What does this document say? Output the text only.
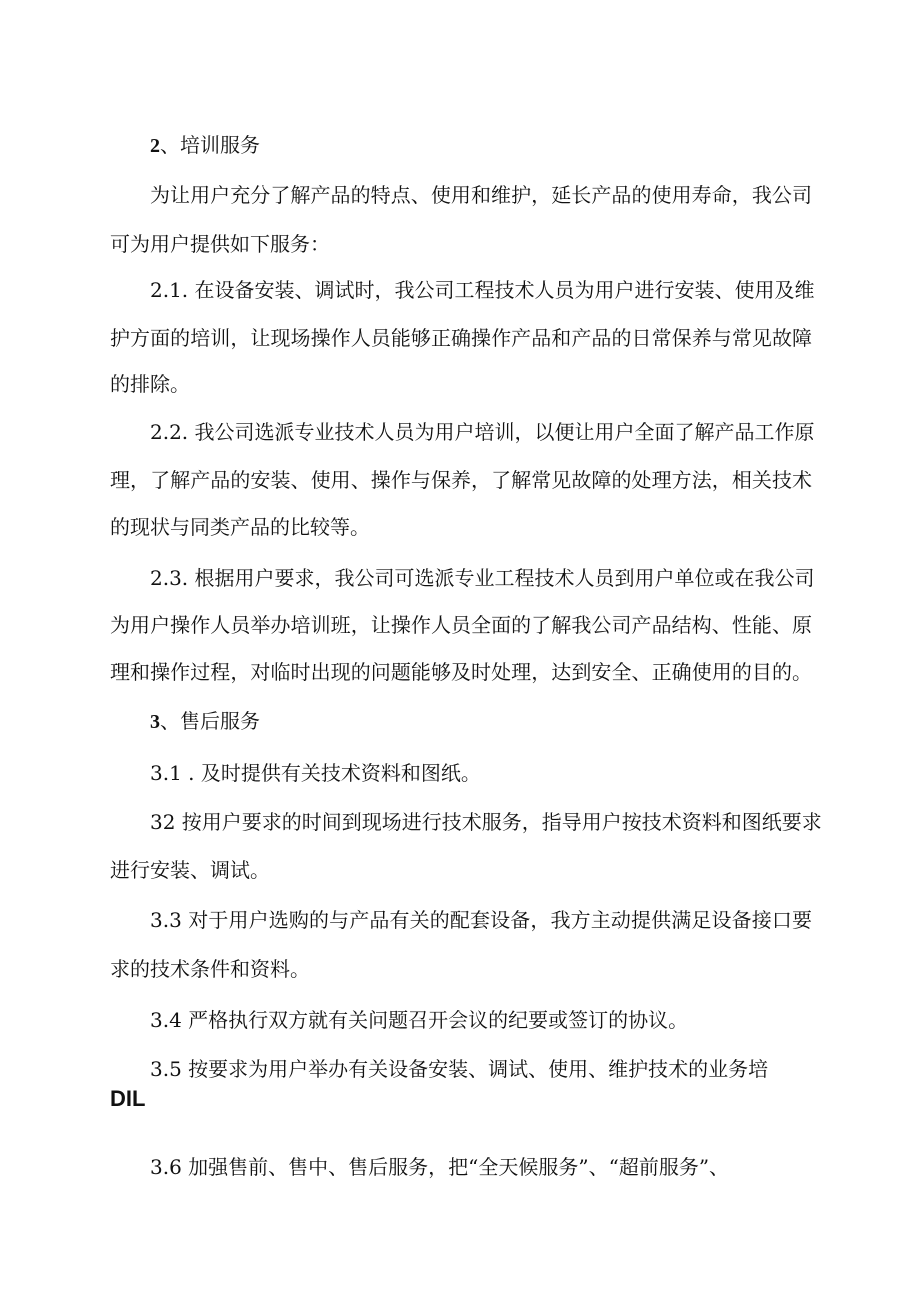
2、培训服务
为让用户充分了解产品的特点、使用和维护，延长产品的使用寿命，我公司
可为用户提供如下服务：
2.1. 在设备安装、调试时，我公司工程技术人员为用户进行安装、使用及维
护方面的培训，让现场操作人员能够正确操作产品和产品的日常保养与常见故障
的排除。
2.2. 我公司选派专业技术人员为用户培训，以便让用户全面了解产品工作原
理，了解产品的安装、使用、操作与保养，了解常见故障的处理方法，相关技术
的现状与同类产品的比较等。
2.3. 根据用户要求，我公司可选派专业工程技术人员到用户单位或在我公司
为用户操作人员举办培训班，让操作人员全面的了解我公司产品结构、性能、原
理和操作过程，对临时出现的问题能够及时处理，达到安全、正确使用的目的。
3、售后服务
3.1 . 及时提供有关技术资料和图纸。
32 按用户要求的时间到现场进行技术服务，指导用户按技术资料和图纸要求
进行安装、调试。
3.3 对于用户选购的与产品有关的配套设备，我方主动提供满足设备接口要
求的技术条件和资料。
3.4 严格执行双方就有关问题召开会议的纪要或签订的协议。
3.5 按要求为用户举办有关设备安装、调试、使用、维护技术的业务培
DIL
3.6 加强售前、售中、售后服务，把“全天候服务”、“超前服务”、
